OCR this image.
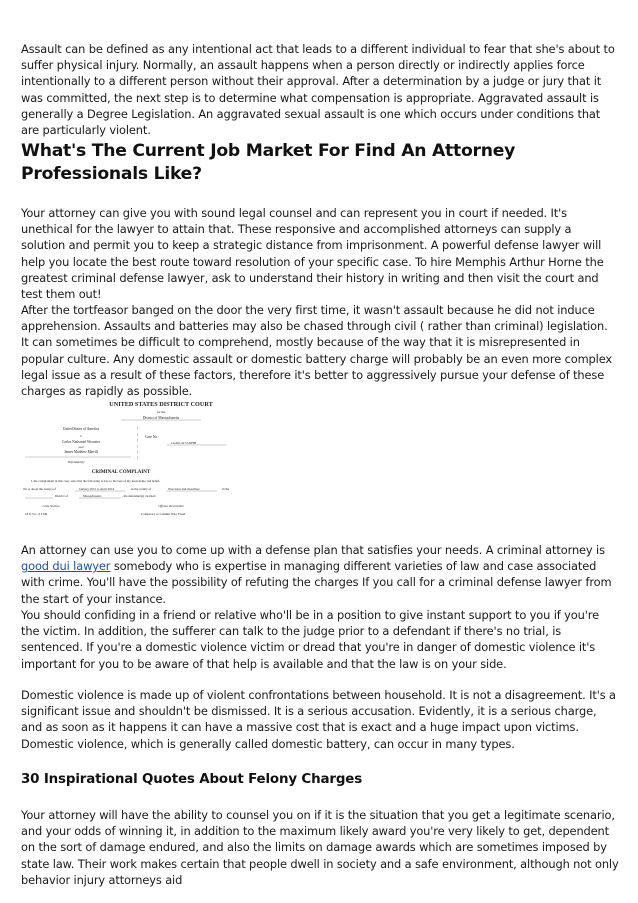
Assault can be defined as any intentional act that leads to a different individual to fear that she's about to suffer physical injury. Normally, an assault happens when a person directly or indirectly applies force intentionally to a different person without their approval. After a determination by a judge or jury that it was committed, the next step is to determine what compensation is appropriate. Aggravated assault is generally a Degree Legislation. An aggravated sexual assault is one which occurs under conditions that are particularly violent.

What's The Current Job Market For Find An Attorney Professionals Like?

Your attorney can give you with sound legal counsel and can represent you in court if needed. It's unethical for the lawyer to attain that. These responsive and accomplished attorneys can supply a solution and permit you to keep a strategic distance from imprisonment. A powerful defense lawyer will help you locate the best route toward resolution of your specific case. To hire Memphis Arthur Horne the greatest criminal defense lawyer, ask to understand their history in writing and then visit the court and test them out!

After the tortfeasor banged on the door the very first time, it wasn't assault because he did not induce apprehension. Assaults and batteries may also be chased through civil ( rather than criminal) legislation. It can sometimes be difficult to comprehend, mostly because of the way that it is misrepresented in popular culture. Any domestic assault or domestic battery charge will probably be an even more complex legal issue as a result of these factors, therefore it's better to aggressively pursue your defense of these charges as rapidly as possible.

UNITED STATES DISTRICT COURT
for the
District of Massachusetts
United States of America
v.
Carlos Nathaniel Wecaster
and
James Matthew Merrill
Defendant(s)
)
)
)
)
)
)
Case No.
14-MJ-4172-DHH
CRIMINAL COMPLAINT
I, the complainant in this case, state that the following is true to the best of my knowledge and belief.
On or about the date(s) of	January 2012 to April 2014	in the county of	Worcester and elsewhere	in the
District of	Massachusetts	, the defendant(s) violated:
Code Section	Offense Description
18 U.S.C. § 1349	Conspiracy to Commit Wire Fraud

An attorney can use you to come up with a defense plan that satisfies your needs. A criminal attorney is good dui lawyer somebody who is expertise in managing different varieties of law and case associated with crime. You'll have the possibility of refuting the charges If you call for a criminal defense lawyer from the start of your instance.

You should confiding in a friend or relative who'll be in a position to give instant support to you if you're the victim. In addition, the sufferer can talk to the judge prior to a defendant if there's no trial, is sentenced. If you're a domestic violence victim or dread that you're in danger of domestic violence it's important for you to be aware of that help is available and that the law is on your side.

Domestic violence is made up of violent confrontations between household. It is not a disagreement. It's a significant issue and shouldn't be dismissed. It is a serious accusation. Evidently, it is a serious charge, and as soon as it happens it can have a massive cost that is exact and a huge impact upon victims. Domestic violence, which is generally called domestic battery, can occur in many types.

30 Inspirational Quotes About Felony Charges

Your attorney will have the ability to counsel you on if it is the situation that you get a legitimate scenario, and your odds of winning it, in addition to the maximum likely award you're very likely to get, dependent on the sort of damage endured, and also the limits on damage awards which are sometimes imposed by state law. Their work makes certain that people dwell in society and a safe environment, although not only behavior injury attorneys aid
